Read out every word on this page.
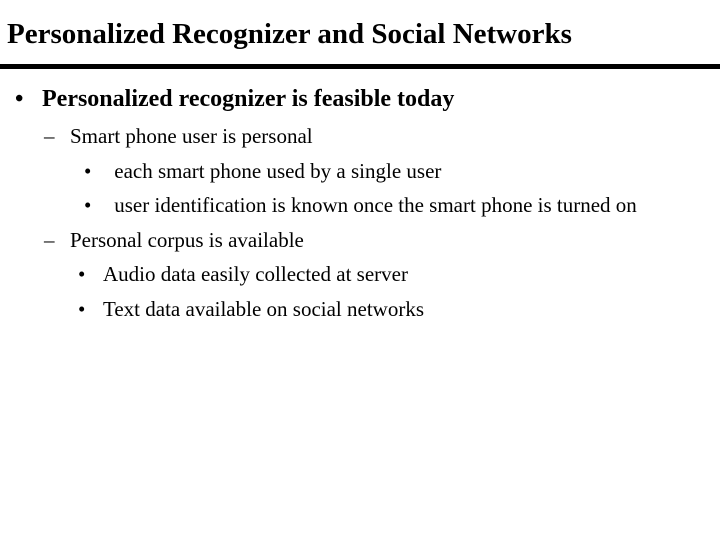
Personalized Recognizer and Social Networks
• Personalized recognizer is feasible today
– Smart phone user is personal
• each smart phone used by a single user
• user identification is known once the smart phone is turned on
– Personal corpus is available
• Audio data easily collected at server
• Text data available on social networks
